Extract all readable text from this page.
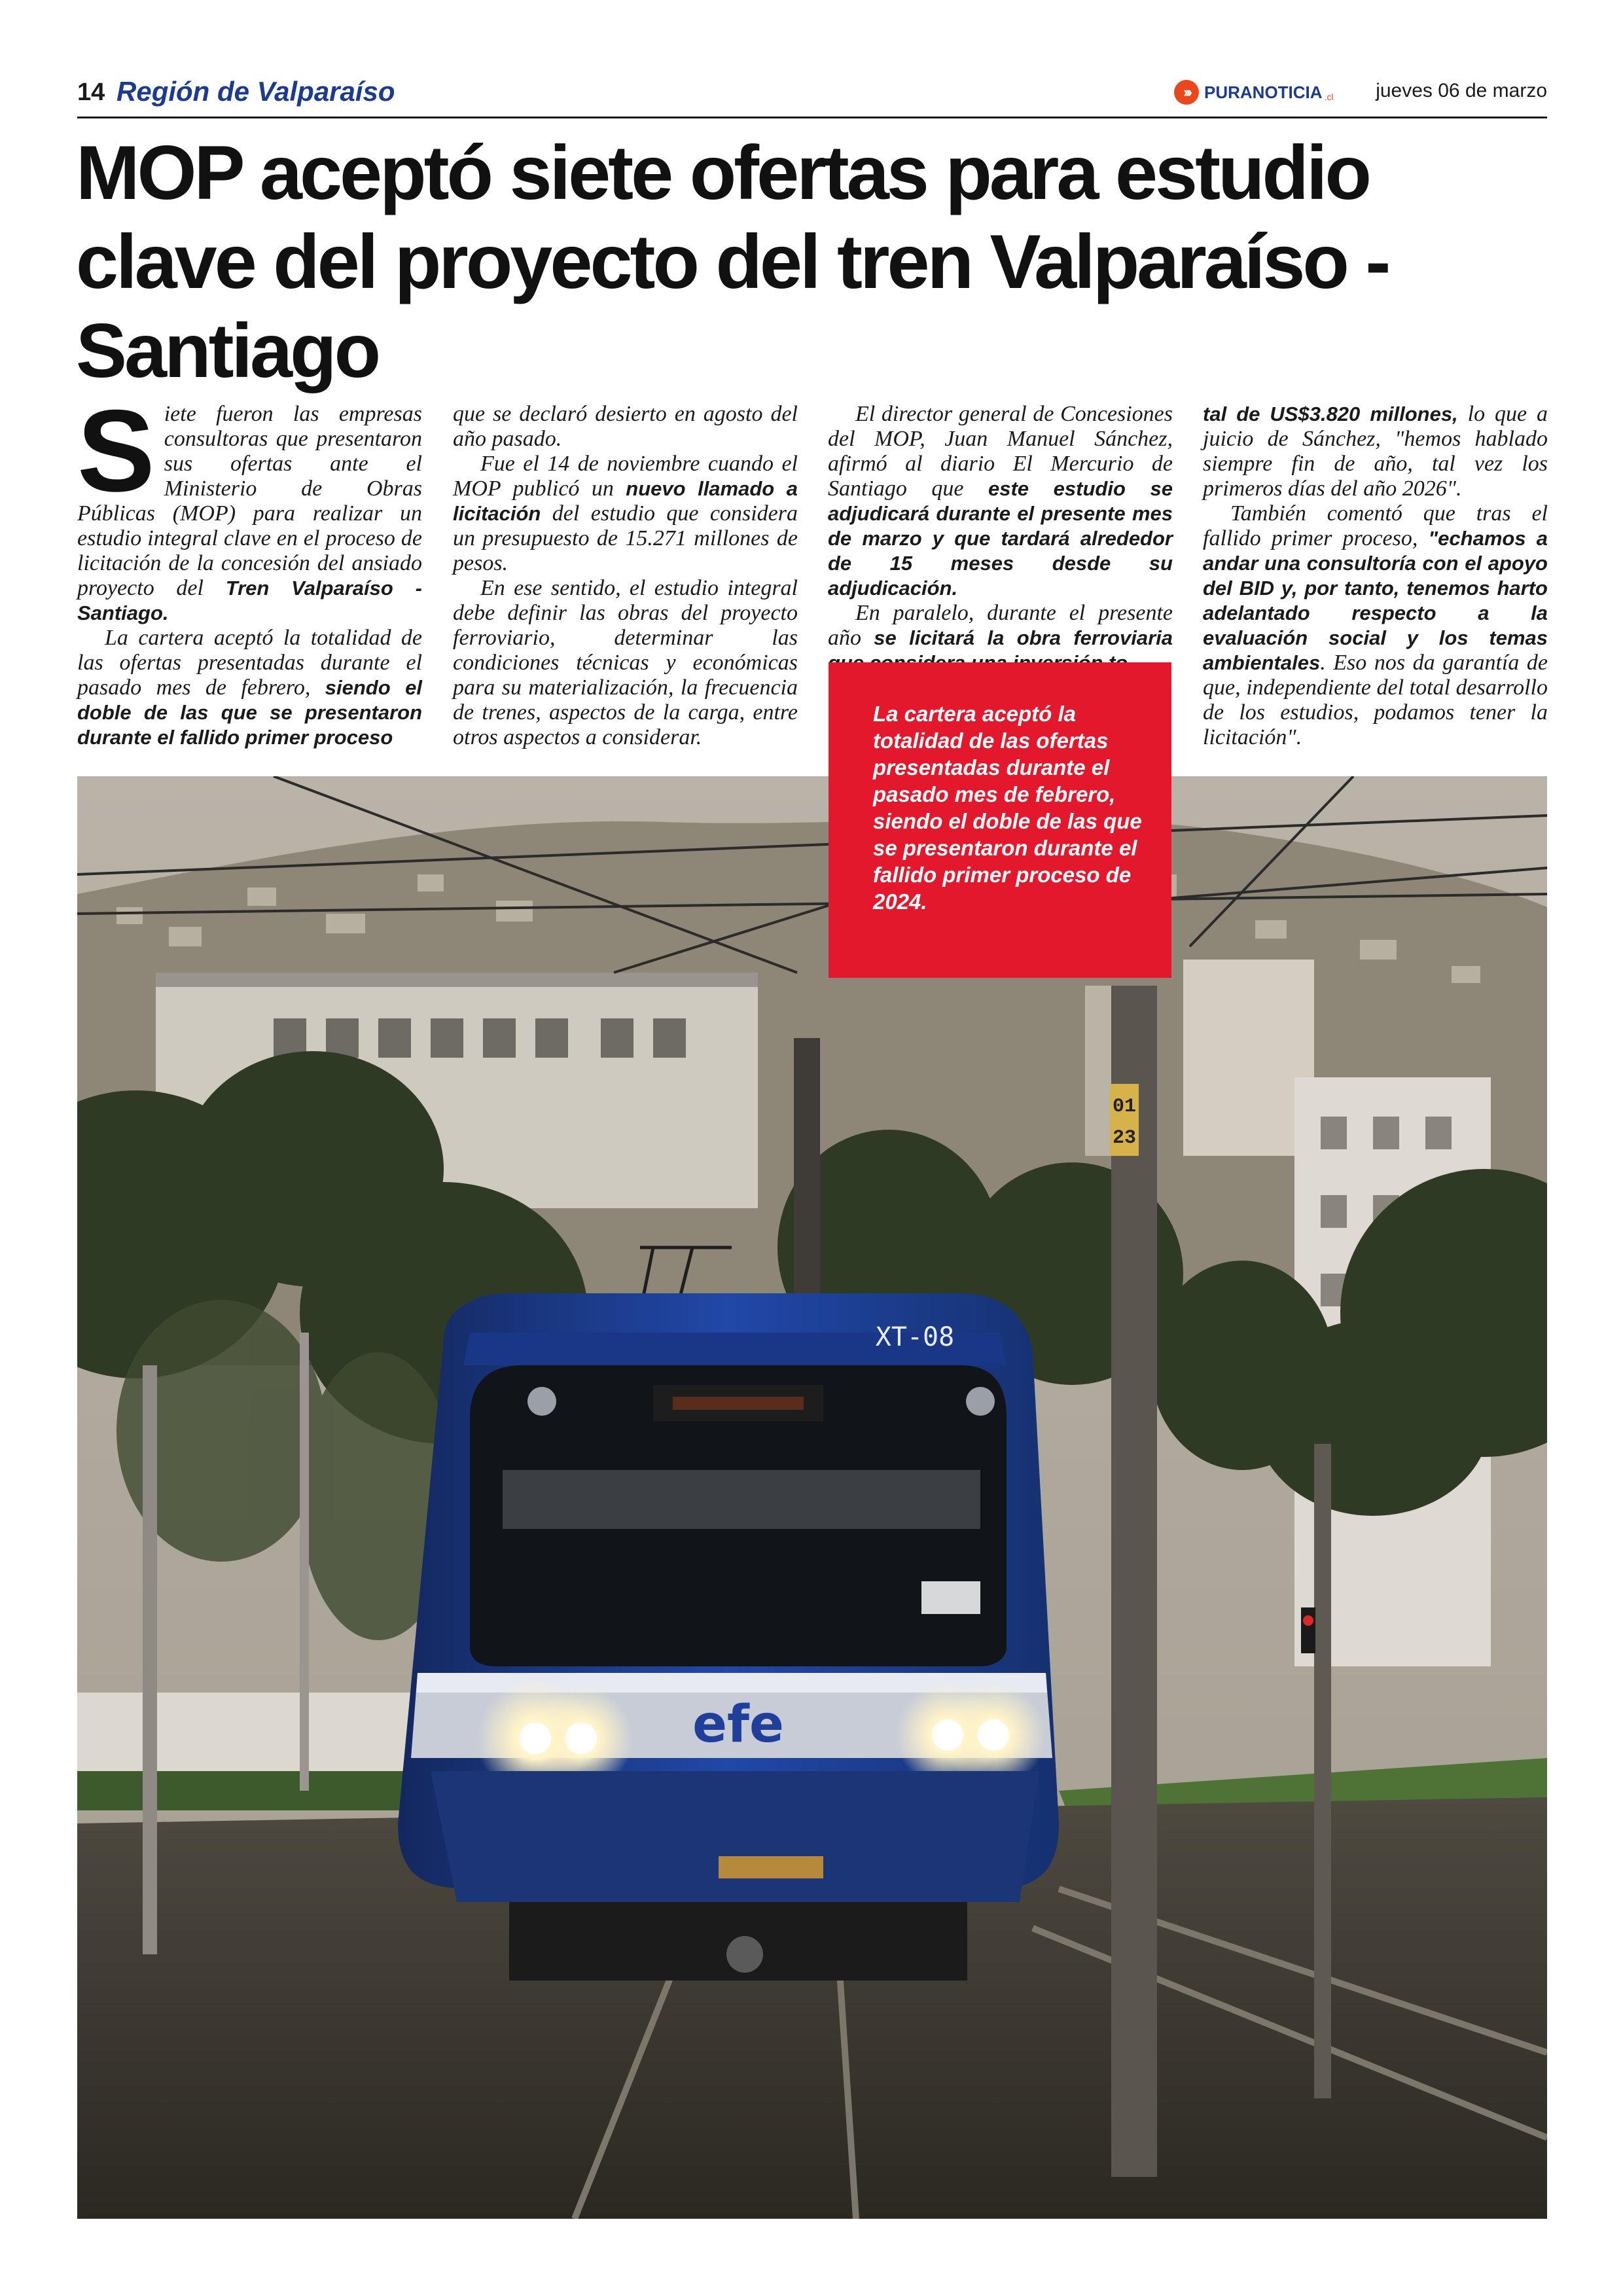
14 Región de Valparaíso	››› PURANOTICIA .cl jueves 06 de marzo
MOP aceptó siete ofertas para estudio clave del proyecto del tren Valparaíso - Santiago

Siete fueron las empresas consultoras que presentaron sus ofertas ante el Ministerio de Obras Públicas (MOP) para realizar un estudio integral clave en el proceso de licitación de la concesión del ansiado proyecto del Tren Valparaíso - Santiago.

La cartera aceptó la totalidad de las ofertas presentadas durante el pasado mes de febrero, siendo el doble de las que se presentaron durante el fallido primer proceso

que se declaró desierto en agosto del año pasado.

Fue el 14 de noviembre cuando el MOP publicó un nuevo llamado a licitación del estudio que considera un presupuesto de 15.271 millones de pesos.

En ese sentido, el estudio integral debe definir las obras del proyecto ferroviario, determinar las condiciones técnicas y económicas para su materialización, la frecuencia de trenes, aspectos de la carga, entre otros aspectos a considerar.

El director general de Concesiones del MOP, Juan Manuel Sánchez, afirmó al diario El Mercurio de Santiago que este estudio se adjudicará durante el presente mes de marzo y que tardará alrededor de 15 meses desde su adjudicación.

En paralelo, durante el presente año se licitará la obra ferroviaria

tal de US$3.820 millones, lo que a juicio de Sánchez, "hemos hablado siempre fin de año, tal vez los primeros días del año 2026".

También comentó que tras el fallido primer proceso, "echamos a andar una consultoría con el apoyo del BID y, por tanto, tenemos harto adelantado respecto a la evaluación social y los temas ambientales. Eso nos da garantía de que, independiente del total desarrollo de los estudios, podamos tener la licitación".

01
23
XT-08
efe

La cartera aceptó la totalidad de las ofertas presentadas durante el pasado mes de febrero, siendo el doble de las que se presentaron durante el fallido primer proceso de 2024.
